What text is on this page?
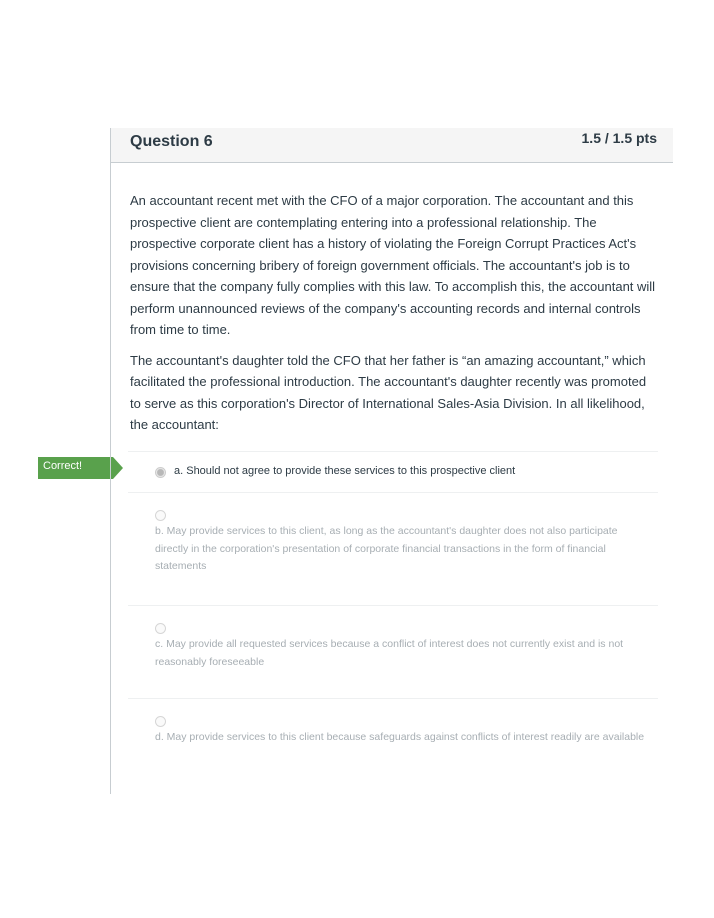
Correct!
Question 6	1.5 / 1.5 pts

An accountant recent met with the CFO of a major corporation. The accountant and this prospective client are contemplating entering into a professional relationship. The prospective corporate client has a history of violating the Foreign Corrupt Practices Act's provisions concerning bribery of foreign government officials. The accountant's job is to ensure that the company fully complies with this law. To accomplish this, the accountant will perform unannounced reviews of the company's accounting records and internal controls from time to time.

The accountant's daughter told the CFO that her father is “an amazing accountant,” which facilitated the professional introduction. The accountant's daughter recently was promoted to serve as this corporation's Director of International Sales-Asia Division. In all likelihood, the accountant:

a. Should not agree to provide these services to this prospective client
b. May provide services to this client, as long as the accountant's daughter does not also participate directly in the corporation's presentation of corporate financial transactions in the form of financial statements
c. May provide all requested services because a conflict of interest does not currently exist and is not reasonably foreseeable
d. May provide services to this client because safeguards against conflicts of interest readily are available
